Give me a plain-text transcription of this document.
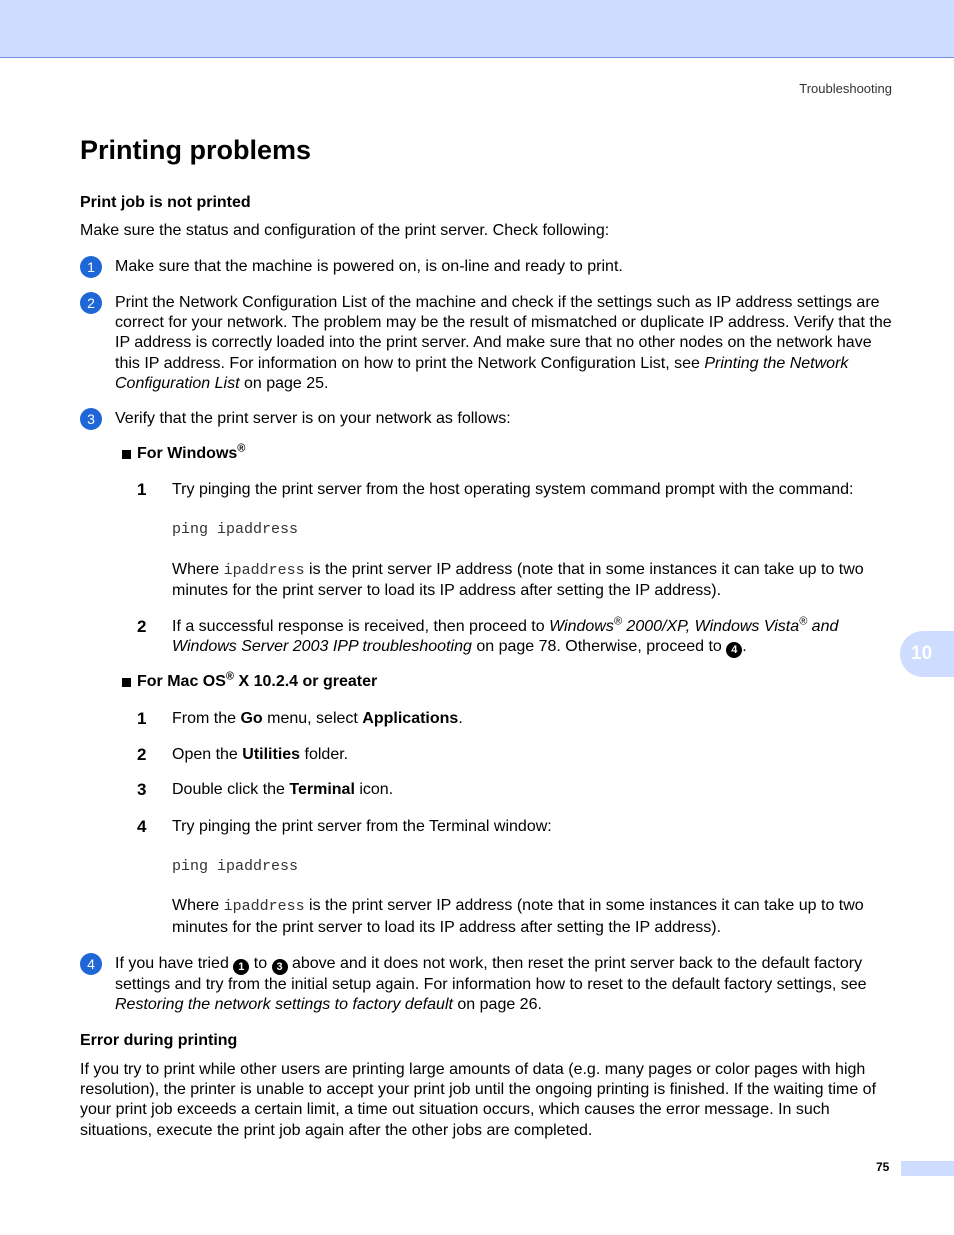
Troubleshooting
10
75
Printing problems

Print job is not printed

Make sure the status and configuration of the print server. Check following:

1	Make sure that the machine is powered on, is on-line and ready to print.
2	Print the Network Configuration List of the machine and check if the settings such as IP address settings are correct for your network. The problem may be the result of mismatched or duplicate IP address. Verify that the IP address is correctly loaded into the print server. And make sure that no other nodes on the network have this IP address. For information on how to print the Network Configuration List, see Printing the Network Configuration List on page 25.
3	Verify that the print server is on your network as follows:
For Windows®
1 Try pinging the print server from the host operating system command prompt with the command:
ping ipaddress
Where ipaddress is the print server IP address (note that in some instances it can take up to two minutes for the print server to load its IP address after setting the IP address).
2 If a successful response is received, then proceed to Windows® 2000/XP, Windows Vista® and Windows Server 2003 IPP troubleshooting on page 78. Otherwise, proceed to 4 .
For Mac OS® X 10.2.4 or greater
1 From the Go menu, select Applications.
2 Open the Utilities folder.
3 Double click the Terminal icon.
4 Try pinging the print server from the Terminal window:
ping ipaddress
Where ipaddress is the print server IP address (note that in some instances it can take up to two minutes for the print server to load its IP address after setting the IP address).
4	If you have tried 1 to 3 above and it does not work, then reset the print server back to the default factory settings and try from the initial setup again. For information how to reset to the default factory settings, see Restoring the network settings to factory default on page 26.

Error during printing

If you try to print while other users are printing large amounts of data (e.g. many pages or color pages with high resolution), the printer is unable to accept your print job until the ongoing printing is finished. If the waiting time of your print job exceeds a certain limit, a time out situation occurs, which causes the error message. In such situations, execute the print job again after the other jobs are completed.
